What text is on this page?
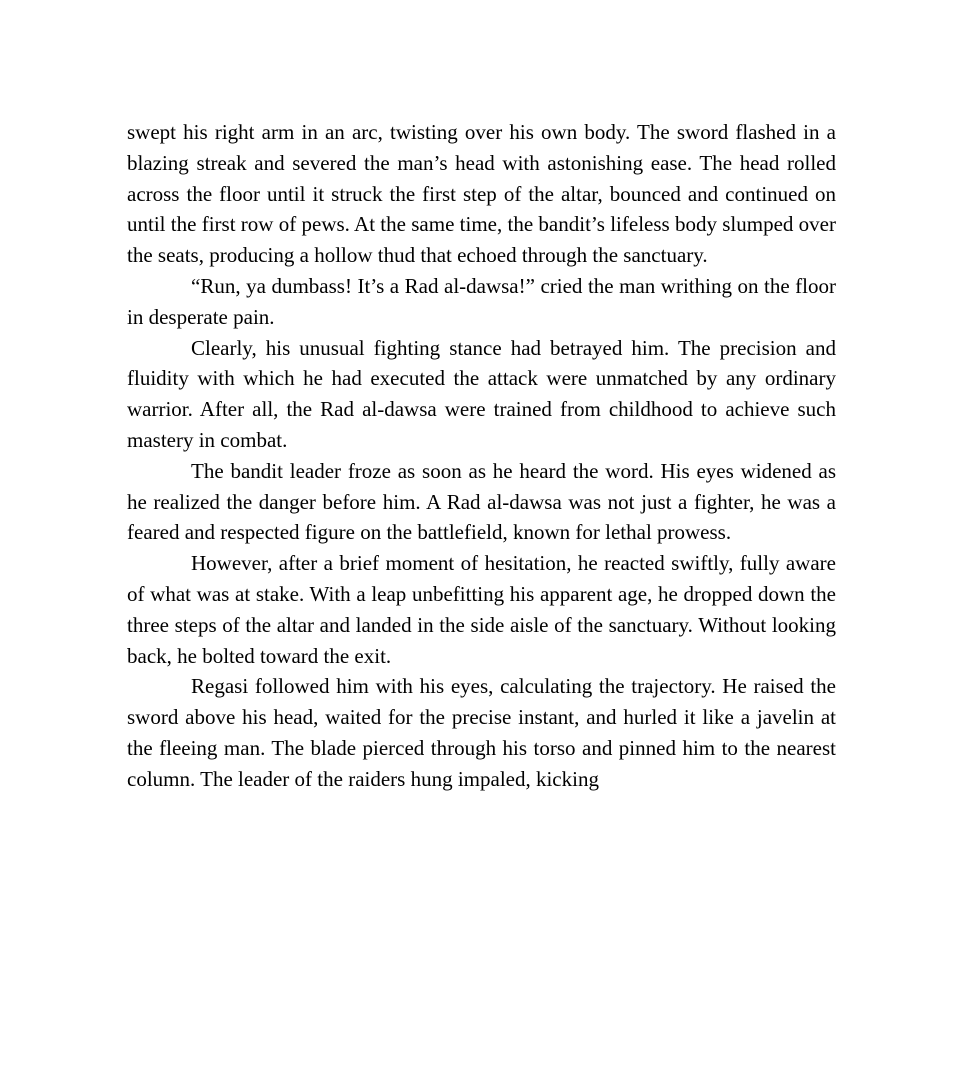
swept his right arm in an arc, twisting over his own body. The sword flashed in a blazing streak and severed the man’s head with astonishing ease. The head rolled across the floor until it struck the first step of the altar, bounced and continued on until the first row of pews. At the same time, the bandit’s lifeless body slumped over the seats, producing a hollow thud that echoed through the sanctuary.

“Run, ya dumbass! It’s a Rad al-dawsa!” cried the man writhing on the floor in desperate pain.

Clearly, his unusual fighting stance had betrayed him. The precision and fluidity with which he had executed the attack were unmatched by any ordinary warrior. After all, the Rad al-dawsa were trained from childhood to achieve such mastery in combat.

The bandit leader froze as soon as he heard the word. His eyes widened as he realized the danger before him. A Rad al-dawsa was not just a fighter, he was a feared and respected figure on the battlefield, known for lethal prowess.

However, after a brief moment of hesitation, he reacted swiftly, fully aware of what was at stake. With a leap unbefitting his apparent age, he dropped down the three steps of the altar and landed in the side aisle of the sanctuary. Without looking back, he bolted toward the exit.

Regasi followed him with his eyes, calculating the trajectory. He raised the sword above his head, waited for the precise instant, and hurled it like a javelin at the fleeing man. The blade pierced through his torso and pinned him to the nearest column. The leader of the raiders hung impaled, kicking
